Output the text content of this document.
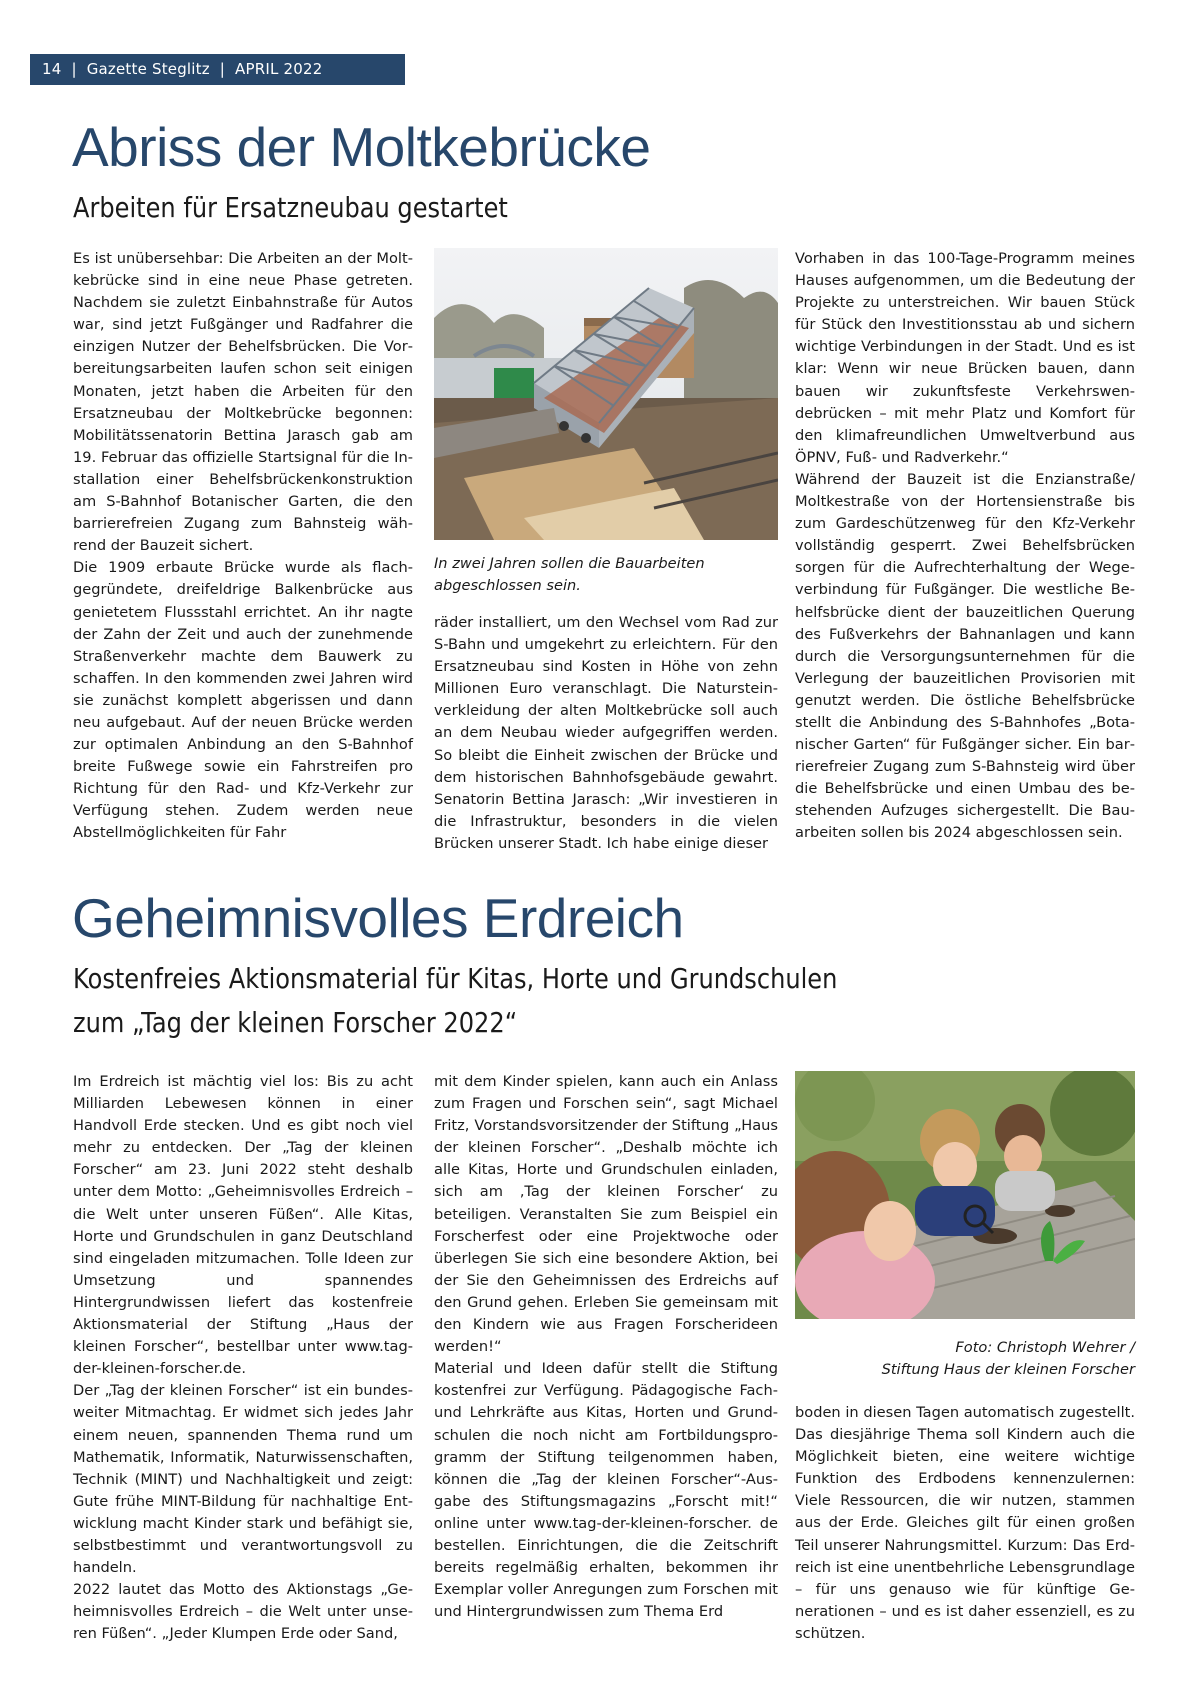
14 | Gazette Steglitz | APRIL 2022
Abriss der Moltkebrücke
Arbeiten für Ersatzneubau gestartet

Es ist unübersehbar: Die Arbeiten an der Moltkebrücke sind in eine neue Phase getreten. Nachdem sie zuletzt Einbahnstraße für Autos war, sind jetzt Fußgänger und Radfahrer die einzigen Nutzer der Behelfsbrücken. Die Vorbereitungsarbeiten laufen schon seit einigen Monaten, jetzt haben die Arbeiten für den Ersatzneubau der Moltkebrücke begonnen: Mobilitätssenatorin Bettina Jarasch gab am 19. Februar das offizielle Startsignal für die Installation einer Behelfsbrückenkonstruktion am S-Bahnhof Botanischer Garten, die den barrierefreien Zugang zum Bahnsteig während der Bauzeit sichert.

Die 1909 erbaute Brücke wurde als flachgegründete, dreifeldrige Balkenbrücke aus genietetem Flussstahl errichtet. An ihr nagte der Zahn der Zeit und auch der zunehmende Straßenverkehr machte dem Bauwerk zu schaffen. In den kommenden zwei Jahren wird sie zunächst komplett abgerissen und dann neu aufgebaut. Auf der neuen Brücke werden zur optimalen Anbindung an den S-Bahnhof breite Fußwege sowie ein Fahrstreifen pro Richtung für den Rad- und Kfz-Verkehr zur Verfügung stehen. Zudem werden neue Abstellmöglichkeiten für Fahr

In zwei Jahren sollen die Bauarbeiten abgeschlossen sein.

räder installiert, um den Wechsel vom Rad zur S-Bahn und umgekehrt zu erleichtern. Für den Ersatzneubau sind Kosten in Höhe von zehn Millionen Euro veranschlagt. Die Natursteinverkleidung der alten Moltkebrücke soll auch an dem Neubau wieder aufgegriffen werden. So bleibt die Einheit zwischen der Brücke und dem historischen Bahnhofsgebäude gewahrt. Senatorin Bettina Jarasch: „Wir investieren in die Infrastruktur, besonders in die vielen Brücken unserer Stadt. Ich habe einige dieser

Vorhaben in das 100-Tage-Programm meines Hauses aufgenommen, um die Bedeutung der Projekte zu unterstreichen. Wir bauen Stück für Stück den Investitionsstau ab und sichern wichtige Verbindungen in der Stadt. Und es ist klar: Wenn wir neue Brücken bauen, dann bauen wir zukunftsfeste Verkehrswendebrücken – mit mehr Platz und Komfort für den klimafreundlichen Umweltverbund aus ÖPNV, Fuß- und Radverkehr.“

Während der Bauzeit ist die Enzianstraße/ Moltkestraße von der Hortensienstraße bis zum Gardeschützenweg für den Kfz-Verkehr vollständig gesperrt. Zwei Behelfsbrücken sorgen für die Aufrechterhaltung der Wegeverbindung für Fußgänger. Die westliche Behelfsbrücke dient der bauzeitlichen Querung des Fußverkehrs der Bahnanlagen und kann durch die Versorgungsunternehmen für die Verlegung der bauzeitlichen Provisorien mit genutzt werden. Die östliche Behelfsbrücke stellt die Anbindung des S-Bahnhofes „Botanischer Garten“ für Fußgänger sicher. Ein barrierefreier Zugang zum S-Bahnsteig wird über die Behelfsbrücke und einen Umbau des bestehenden Aufzuges sichergestellt. Die Bauarbeiten sollen bis 2024 abgeschlossen sein.

Geheimnisvolles Erdreich
Kostenfreies Aktionsmaterial für Kitas, Horte und Grundschulen
zum „Tag der kleinen Forscher 2022“

Im Erdreich ist mächtig viel los: Bis zu acht Milliarden Lebewesen können in einer Handvoll Erde stecken. Und es gibt noch viel mehr zu entdecken. Der „Tag der kleinen Forscher“ am 23. Juni 2022 steht deshalb unter dem Motto: „Geheimnisvolles Erdreich – die Welt unter unseren Füßen“. Alle Kitas, Horte und Grundschulen in ganz Deutschland sind eingeladen mitzumachen. Tolle Ideen zur Umsetzung und spannendes Hintergrundwissen liefert das kostenfreie Aktionsmaterial der Stiftung „Haus der kleinen Forscher“, bestellbar unter www.tag-der-kleinen-forscher.de.

Der „Tag der kleinen Forscher“ ist ein bundesweiter Mitmachtag. Er widmet sich jedes Jahr einem neuen, spannenden Thema rund um Mathematik, Informatik, Naturwissenschaften, Technik (MINT) und Nachhaltigkeit und zeigt: Gute frühe MINT-Bildung für nachhaltige Entwicklung macht Kinder stark und befähigt sie, selbstbestimmt und verantwortungsvoll zu handeln.

2022 lautet das Motto des Aktionstags „Geheimnisvolles Erdreich – die Welt unter unseren Füßen“. „Jeder Klumpen Erde oder Sand,

mit dem Kinder spielen, kann auch ein Anlass zum Fragen und Forschen sein“, sagt Michael Fritz, Vorstandsvorsitzender der Stiftung „Haus der kleinen Forscher“. „Deshalb möchte ich alle Kitas, Horte und Grundschulen einladen, sich am ‚Tag der kleinen Forscher‘ zu beteiligen. Veranstalten Sie zum Beispiel ein Forscherfest oder eine Projektwoche oder überlegen Sie sich eine besondere Aktion, bei der Sie den Geheimnissen des Erdreichs auf den Grund gehen. Erleben Sie gemeinsam mit den Kindern wie aus Fragen Forscherideen werden!“

Material und Ideen dafür stellt die Stiftung kostenfrei zur Verfügung. Pädagogische Fach und Lehrkräfte aus Kitas, Horten und Grundschulen die noch nicht am Fortbildungsprogramm der Stiftung teilgenommen haben, können die „Tag der kleinen Forscher“-Ausgabe des Stiftungsmagazins „Forscht mit!“ online unter www.tag-der-kleinen-forscher. de bestellen. Einrichtungen, die die Zeitschrift bereits regelmäßig erhalten, bekommen ihr Exemplar voller Anregungen zum Forschen mit und Hintergrundwissen zum Thema Erd

Foto: Christoph Wehrer /
Stiftung Haus der kleinen Forscher

boden in diesen Tagen automatisch zugestellt. Das diesjährige Thema soll Kindern auch die Möglichkeit bieten, eine weitere wichtige Funktion des Erdbodens kennenzulernen: Viele Ressourcen, die wir nutzen, stammen aus der Erde. Gleiches gilt für einen großen Teil unserer Nahrungsmittel. Kurzum: Das Erdreich ist eine unentbehrliche Lebensgrundlage – für uns genauso wie für künftige Generationen – und es ist daher essenziell, es zu schützen.
